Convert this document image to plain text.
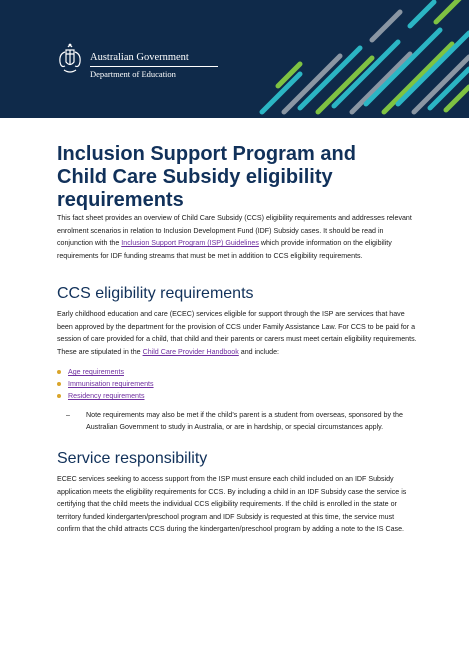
Australian Government
Department of Education
Inclusion Support Program and
Child Care Subsidy eligibility
requirements

This fact sheet provides an overview of Child Care Subsidy (CCS) eligibility requirements and addresses relevant enrolment scenarios in relation to Inclusion Development Fund (IDF) Subsidy cases. It should be read in conjunction with the Inclusion Support Program (ISP) Guidelines which provide information on the eligibility requirements for IDF funding streams that must be met in addition to CCS eligibility requirements.

CCS eligibility requirements

Early childhood education and care (ECEC) services eligible for support through the ISP are services that have been approved by the department for the provision of CCS under Family Assistance Law. For CCS to be paid for a session of care provided for a child, that child and their parents or carers must meet certain eligibility requirements. These are stipulated in the Child Care Provider Handbook and include:

Age requirements
Immunisation requirements
Residency requirements
– Note requirements may also be met if the child’s parent is a student from overseas, sponsored by the Australian Government to study in Australia, or are in hardship, or special circumstances apply.
Service responsibility

ECEC services seeking to access support from the ISP must ensure each child included on an IDF Subsidy application meets the eligibility requirements for CCS. By including a child in an IDF Subsidy case the service is certifying that the child meets the individual CCS eligibility requirements. If the child is enrolled in the state or territory funded kindergarten/preschool program and IDF Subsidy is requested at this time, the service must confirm that the child attracts CCS during the kindergarten/preschool program by adding a note to the IS Case.
